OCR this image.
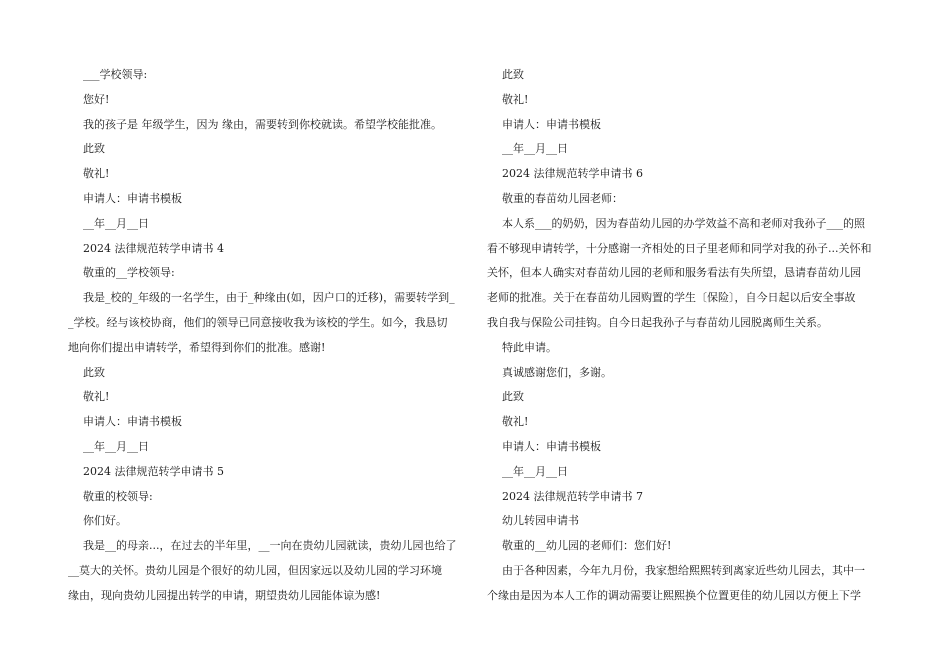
___学校领导:
您好!
我的孩子是 年级学生，因为 缘由，需要转到你校就读。希望学校能批准。
此致
敬礼!
申请人：申请书模板
__年__月__日
2024 法律规范转学申请书 4
敬重的__学校领导:
我是_校的_年级的一名学生，由于_种缘由(如，因户口的迁移)，需要转学到_
_学校。经与该校协商，他们的领导已同意接收我为该校的学生。如今，我恳切
地向你们提出申请转学，希望得到你们的批准。感谢!
此致
敬礼!
申请人：申请书模板
__年__月__日
2024 法律规范转学申请书 5
敬重的校领导:
你们好。
我是__的母亲...，在过去的半年里，__一向在贵幼儿园就读，贵幼儿园也给了
__莫大的关怀。贵幼儿园是个很好的幼儿园，但因家远以及幼儿园的学习环境
缘由，现向贵幼儿园提出转学的申请，期望贵幼儿园能体谅为感!
此致
敬礼!
申请人：申请书模板
__年__月__日
2024 法律规范转学申请书 6
敬重的春苗幼儿园老师：
本人系___的奶奶，因为春苗幼儿园的办学效益不高和老师对我孙子___的照
看不够现申请转学，十分感谢一齐相处的日子里老师和同学对我的孙子...关怀和
关怀，但本人确实对春苗幼儿园的老师和服务看法有失所望，恳请春苗幼儿园
老师的批准。关于在春苗幼儿园购置的学生〔保险〕，自今日起以后安全事故
我自我与保险公司挂钩。自今日起我孙子与春苗幼儿园脱离师生关系。
特此申请。
真诚感谢您们，多谢。
此致
敬礼!
申请人：申请书模板
__年__月__日
2024 法律规范转学申请书 7
幼儿转园申请书
敬重的__幼儿园的老师们：您们好!
由于各种因素，今年九月份，我家想给熙熙转到离家近些幼儿园去，其中一
个缘由是因为本人工作的调动需要让熙熙换个位置更佳的幼儿园以方便上下学
